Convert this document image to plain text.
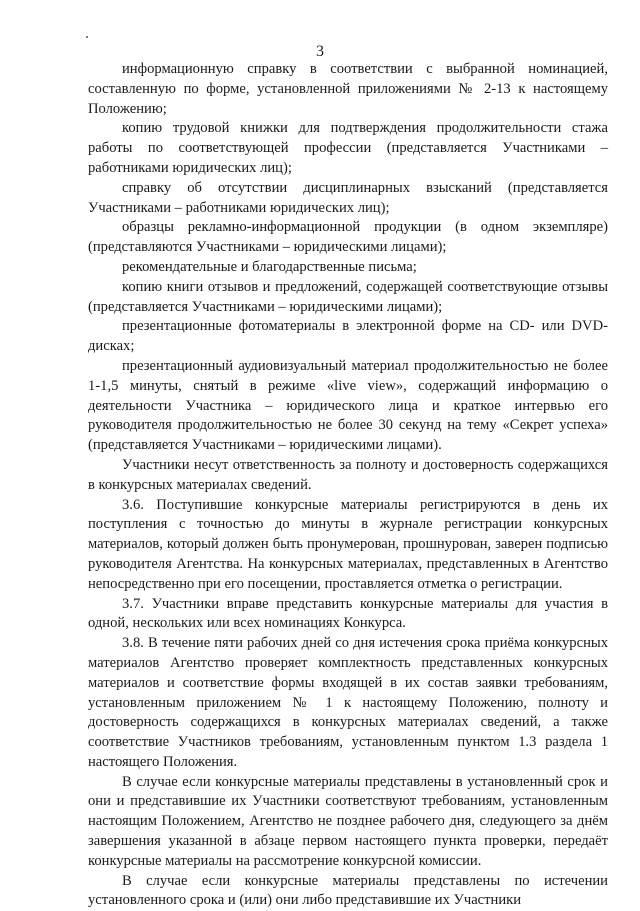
3

информационную справку в соответствии с выбранной номинацией, составленную по форме, установленной приложениями № 2-13 к настоящему Положению;

копию трудовой книжки для подтверждения продолжительности стажа работы по соответствующей профессии (представляется Участниками – работниками юридических лиц);

справку об отсутствии дисциплинарных взысканий (представляется Участниками – работниками юридических лиц);

образцы рекламно-информационной продукции (в одном экземпляре) (представляются Участниками – юридическими лицами);

рекомендательные и благодарственные письма;

копию книги отзывов и предложений, содержащей соответствующие отзывы (представляется Участниками – юридическими лицами);

презентационные фотоматериалы в электронной форме на CD- или DVD-дисках;

презентационный аудиовизуальный материал продолжительностью не более 1-1,5 минуты, снятый в режиме «live view», содержащий информацию о деятельности Участника – юридического лица и краткое интервью его руководителя продолжительностью не более 30 секунд на тему «Секрет успеха» (представляется Участниками – юридическими лицами).

Участники несут ответственность за полноту и достоверность содержащихся в конкурсных материалах сведений.

3.6. Поступившие конкурсные материалы регистрируются в день их поступления с точностью до минуты в журнале регистрации конкурсных материалов, который должен быть пронумерован, прошнурован, заверен подписью руководителя Агентства. На конкурсных материалах, представленных в Агентство непосредственно при его посещении, проставляется отметка о регистрации.

3.7. Участники вправе представить конкурсные материалы для участия в одной, нескольких или всех номинациях Конкурса.

3.8. В течение пяти рабочих дней со дня истечения срока приёма конкурсных материалов Агентство проверяет комплектность представленных конкурсных материалов и соответствие формы входящей в их состав заявки требованиям, установленным приложением № 1 к настоящему Положению, полноту и достоверность содержащихся в конкурсных материалах сведений, а также соответствие Участников требованиям, установленным пунктом 1.3 раздела 1 настоящего Положения.

В случае если конкурсные материалы представлены в установленный срок и они и представившие их Участники соответствуют требованиям, установленным настоящим Положением, Агентство не позднее рабочего дня, следующего за днём завершения указанной в абзаце первом настоящего пункта проверки, передаёт конкурсные материалы на рассмотрение конкурсной комиссии.

В случае если конкурсные материалы представлены по истечении установленного срока и (или) они либо представившие их Участники
